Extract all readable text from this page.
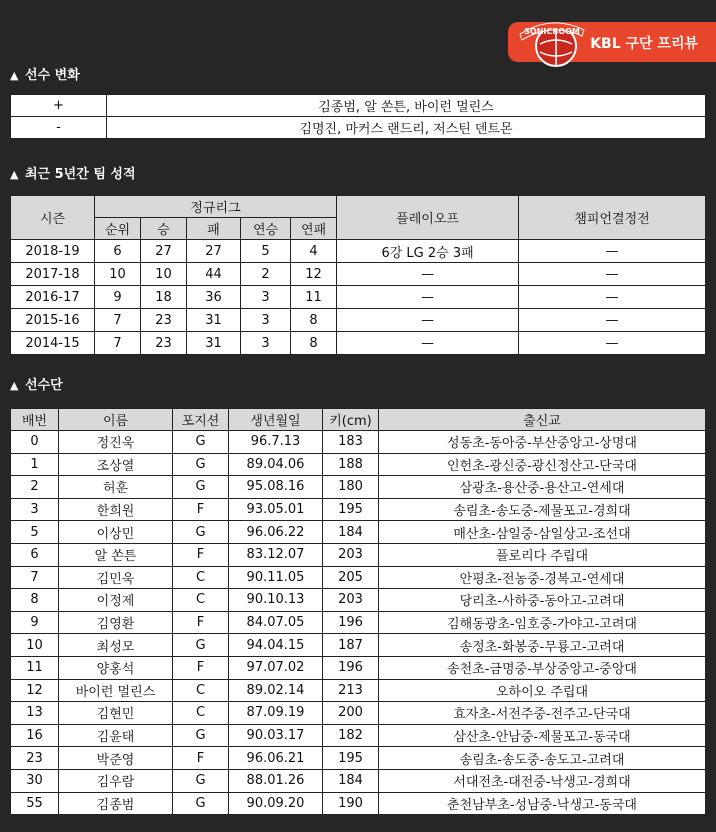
KBL 구단 프리뷰
SONICBOOM
▲ 선수 변화
+	김종범, 알 쏜튼, 바이런 멀린스
-	김명진, 마커스 랜드리, 저스틴 덴트몬
▲ 최근 5년간 팀 성적
시즌	정규리그					플레이오프	챔피언결정전
	순위	승	패	연승	연패		
2018-19	6	27	27	5	4	6강 LG 2승 3패	—
2017-18	10	10	44	2	12	—	—
2016-17	9	18	36	3	11	—	—
2015-16	7	23	31	3	8	—	—
2014-15	7	23	31	3	8	—	—
▲ 선수단
배번	이름	포지션	생년월일	키(cm)	출신교
0	정진욱	G	96.7.13	183	성동초-동아중-부산중앙고-상명대
1	조상열	G	89.04.06	188	인헌초-광신중-광신정산고-단국대
2	허훈	G	95.08.16	180	삼광초-용산중-용산고-연세대
3	한희원	F	93.05.01	195	송림초-송도중-제물포고-경희대
5	이상민	G	96.06.22	184	매산초-삼일중-삼일상고-조선대
6	알 쏜튼	F	83.12.07	203	플로리다 주립대
7	김민욱	C	90.11.05	205	안평초-전농중-경복고-연세대
8	이정제	C	90.10.13	203	당리초-사하중-동아고-고려대
9	김영환	F	84.07.05	196	김해동광초-임호중-가야고-고려대
10	최성모	G	94.04.15	187	송정초-화봉중-무룡고-고려대
11	양홍석	F	97.07.02	196	송천초-금명중-부상중앙고-중앙대
12	바이런 멀린스	C	89.02.14	213	오하이오 주립대
13	김현민	C	87.09.19	200	효자초-서전주중-전주고-단국대
16	김윤태	G	90.03.17	182	삼산초-안남중-제물포고-동국대
23	박준영	F	96.06.21	195	송림초-송도중-송도고-고려대
30	김우람	G	88.01.26	184	서대전초-대전중-낙생고-경희대
55	김종범	G	90.09.20	190	춘천남부초-성남중-낙생고-동국대
